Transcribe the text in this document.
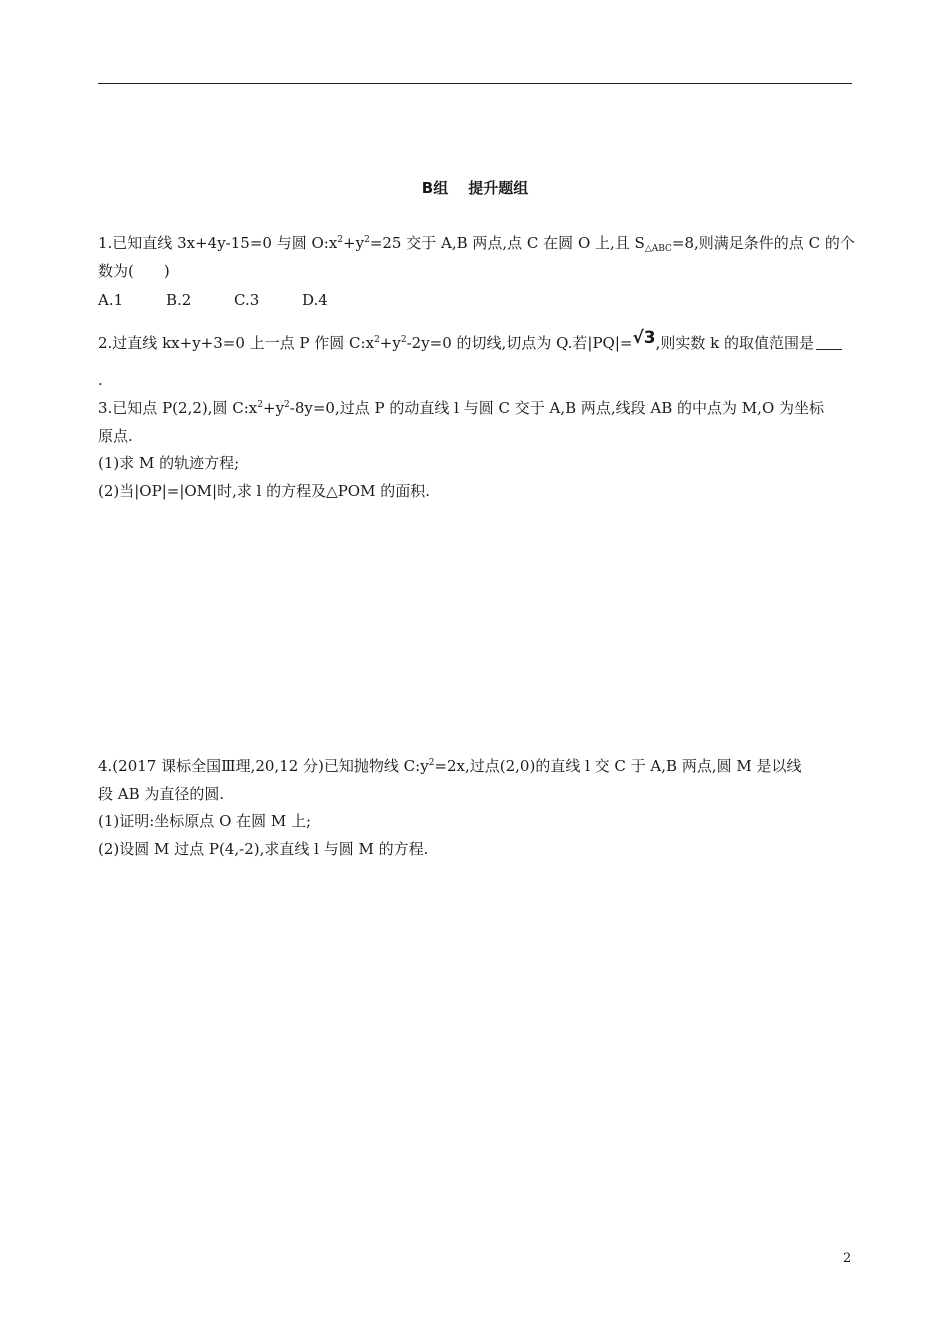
B组 提升题组
1.已知直线 3x+4y-15=0 与圆 $O:x^2+y^2=25$ 交于 A,B 两点,点 C 在圆 O 上,且 $S_{\triangle ABC}=8$,则满足条件的点 C 的个
数为(　　)
A.1	B.2	C.3	D.4
2.过直线 kx+y+3=0 上一点 P 作圆 $C:x^2+y^2-2y=0$ 的切线,切点为 Q.若|PQ|=√3,则实数 k 的取值范围是
.
3.已知点 P(2,2),圆 $C:x^2+y^2-8y=0$,过点 P 的动直线 l 与圆 C 交于 A,B 两点,线段 AB 的中点为 M,O 为坐标
原点.
(1)求 M 的轨迹方程;
(2)当|OP|=|OM|时,求 l 的方程及△POM 的面积.
4.(2017 课标全国Ⅲ理,20,12 分)已知抛物线 $C:y^2=2x$,过点(2,0)的直线 l 交 C 于 A,B 两点,圆 M 是以线
段 AB 为直径的圆.
(1)证明:坐标原点 O 在圆 M 上;
(2)设圆 M 过点 P(4,-2),求直线 l 与圆 M 的方程.
2
